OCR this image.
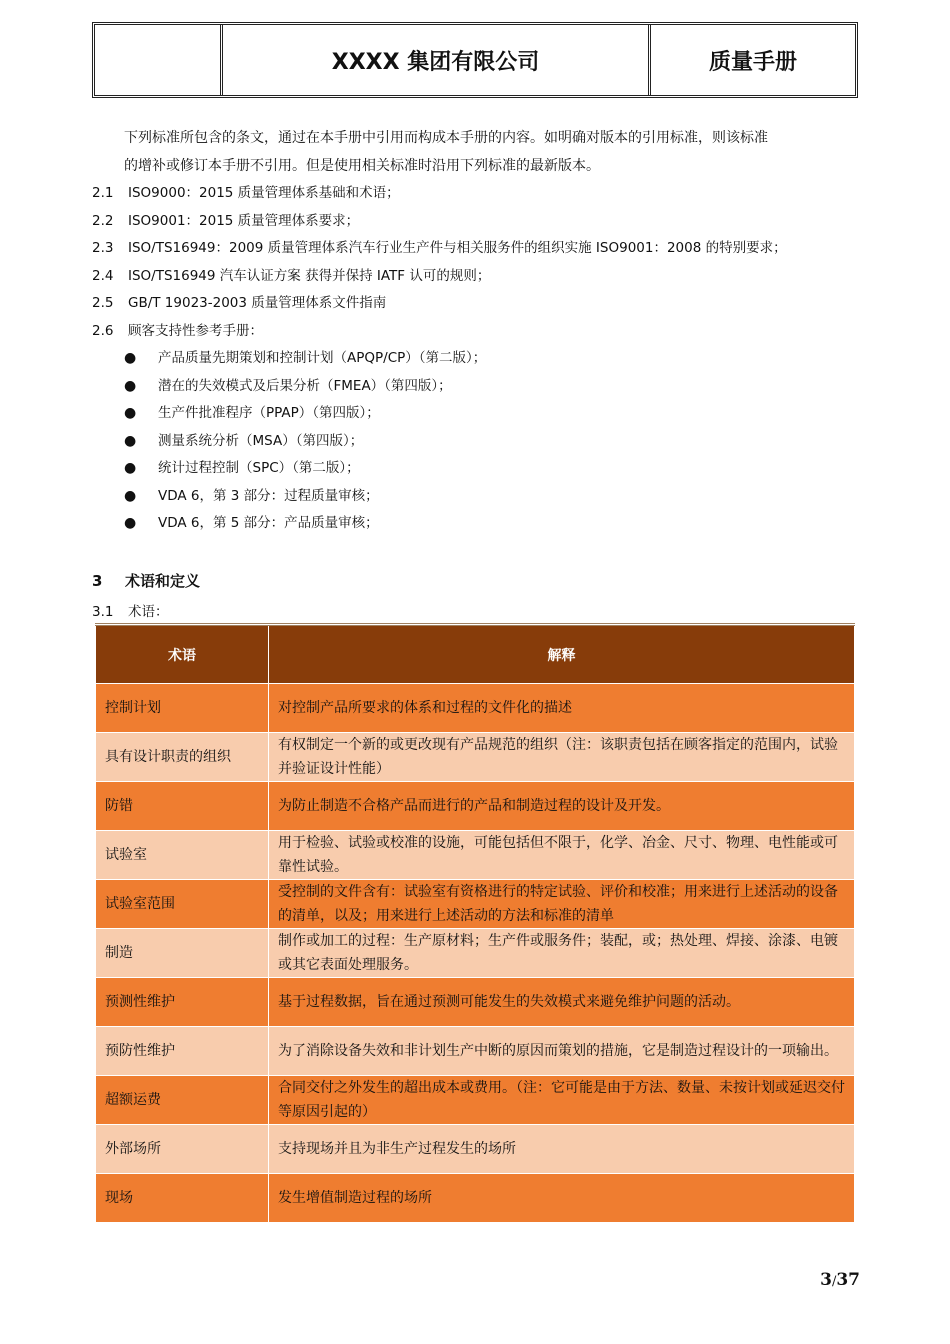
XXXX 集团有限公司	质量手册
下列标准所包含的条文，通过在本手册中引用而构成本手册的内容。如明确对版本的引用标准，则该标准
的增补或修订本手册不引用。但是使用相关标准时沿用下列标准的最新版本。
2.1 ISO9000：2015 质量管理体系基础和术语；
2.2 ISO9001：2015 质量管理体系要求；
2.3 ISO/TS16949：2009 质量管理体系汽车行业生产件与相关服务件的组织实施 ISO9001：2008 的特别要求；
2.4 ISO/TS16949 汽车认证方案 获得并保持 IATF 认可的规则；
2.5 GB/T 19023-2003 质量管理体系文件指南
2.6 顾客支持性参考手册：
● 产品质量先期策划和控制计划（APQP/CP）（第二版）；
● 潜在的失效模式及后果分析（FMEA）（第四版）；
● 生产件批准程序（PPAP）（第四版）；
● 测量系统分析（MSA）（第四版）；
● 统计过程控制（SPC）（第二版）；
● VDA 6，第 3 部分：过程质量审核；
● VDA 6，第 5 部分：产品质量审核；
3 术语和定义
3.1 术语：
术语	解释
控制计划	对控制产品所要求的体系和过程的文件化的描述
具有设计职责的组织	有权制定一个新的或更改现有产品规范的组织（注：该职责包括在顾客指定的范围内，试验并验证设计性能）
防错	为防止制造不合格产品而进行的产品和制造过程的设计及开发。
试验室	用于检验、试验或校准的设施，可能包括但不限于，化学、冶金、尺寸、物理、电性能或可靠性试验。
试验室范围	受控制的文件含有：试验室有资格进行的特定试验、评价和校准；用来进行上述活动的设备的清单，以及；用来进行上述活动的方法和标准的清单
制造	制作或加工的过程：生产原材料；生产件或服务件；装配，或；热处理、焊接、涂漆、电镀或其它表面处理服务。
预测性维护	基于过程数据，旨在通过预测可能发生的失效模式来避免维护问题的活动。
预防性维护	为了消除设备失效和非计划生产中断的原因而策划的措施，它是制造过程设计的一项输出。
超额运费	合同交付之外发生的超出成本或费用。（注：它可能是由于方法、数量、未按计划或延迟交付等原因引起的）
外部场所	支持现场并且为非生产过程发生的场所
现场	发生增值制造过程的场所
3/37
